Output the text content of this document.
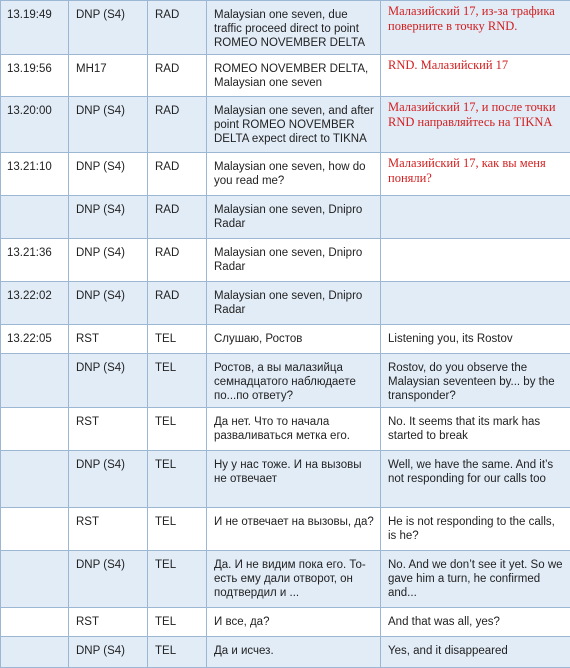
13.19:49	DNP (S4)	RAD	Malaysian one seven, due traffic proceed direct to point ROMEO NOVEMBER DELTA	Малазийский 17, из-за трафика поверните в точку RND.
13.19:56	MH17	RAD	ROMEO NOVEMBER DELTA, Malaysian one seven	RND. Малазийский 17
13.20:00	DNP (S4)	RAD	Malaysian one seven, and after point ROMEO NOVEMBER DELTA expect direct to TIKNA	Малазийский 17, и после точки RND направляйтесь на TIKNA
13.21:10	DNP (S4)	RAD	Malaysian one seven, how do you read me?	Малазийский 17, как вы меня поняли?
	DNP (S4)	RAD	Malaysian one seven, Dnipro Radar	
13.21:36	DNP (S4)	RAD	Malaysian one seven, Dnipro Radar	
13.22:02	DNP (S4)	RAD	Malaysian one seven, Dnipro Radar	
13.22:05	RST	TEL	Слушаю, Ростов	Listening you, its Rostov
	DNP (S4)	TEL	Ростов, а вы малазийца семнадцатого наблюдаете по...по ответу?	Rostov, do you observe the Malaysian seventeen by... by the transponder?
	RST	TEL	Да нет. Что то начала разваливаться метка его.	No. It seems that its mark has started to break
	DNP (S4)	TEL	Ну у нас тоже. И на вызовы не отвечает	Well, we have the same. And it’s not responding for our calls too
	RST	TEL	И не отвечает на вызовы, да?	He is not responding to the calls, is he?
	DNP (S4)	TEL	Да. И не видим пока его. То-есть ему дали отворот, он подтвердил и ...	No. And we don’t see it yet. So we gave him a turn, he confirmed and...
	RST	TEL	И все, да?	And that was all, yes?
	DNP (S4)	TEL	Да и исчез.	Yes, and it disappeared
